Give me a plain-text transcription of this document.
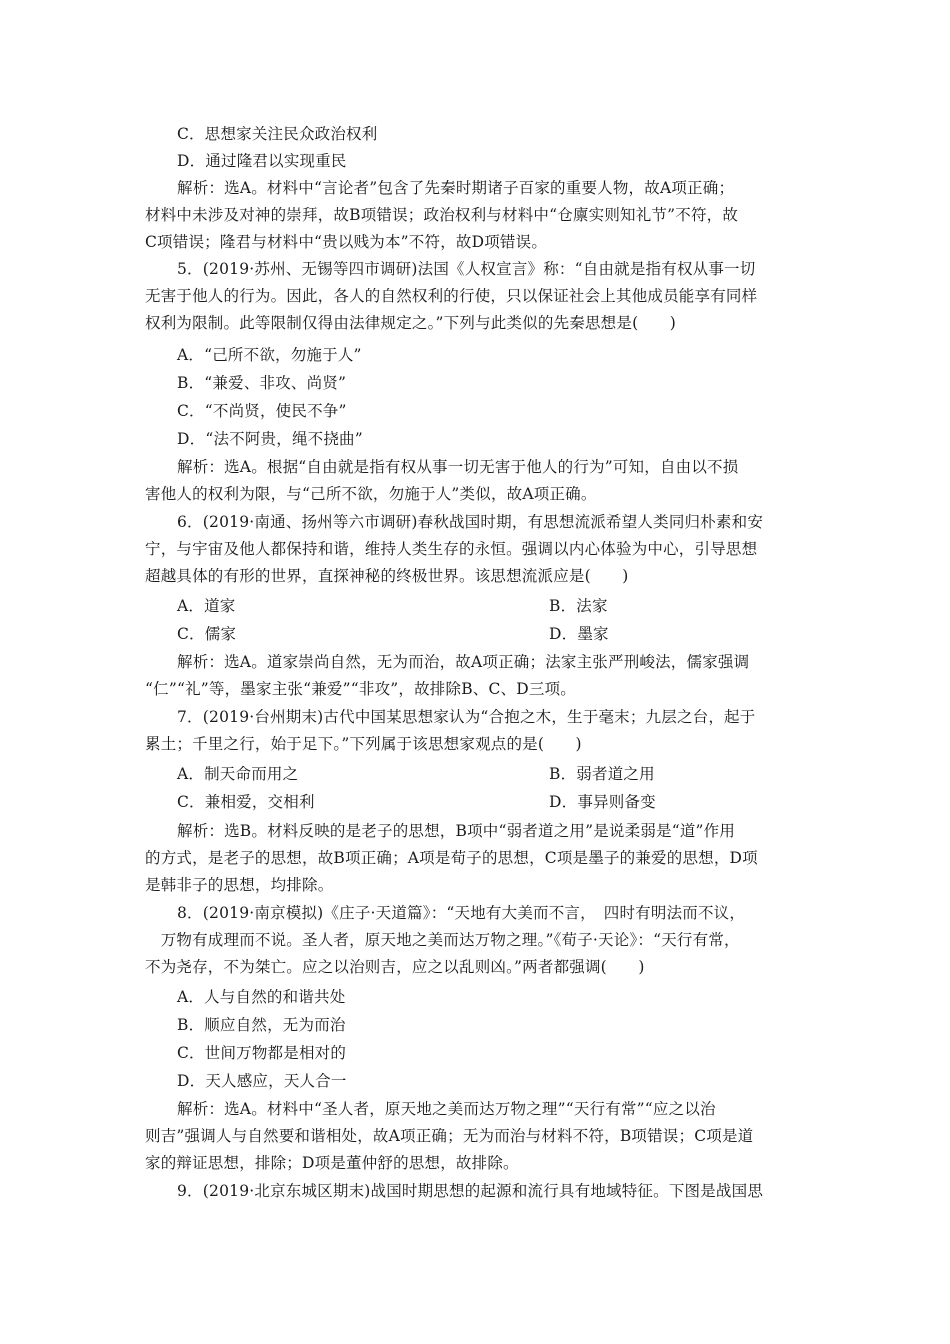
C．思想家关注民众政治权利
D．通过隆君以实现重民
解析：选A。材料中“言论者”包含了先秦时期诸子百家的重要人物，故A项正确；
材料中未涉及对神的崇拜，故B项错误；政治权利与材料中“仓廪实则知礼节”不符，故
C项错误；隆君与材料中“贵以贱为本”不符，故D项错误。
5．(2019·苏州、无锡等四市调研)法国《人权宣言》称：“自由就是指有权从事一切
无害于他人的行为。因此，各人的自然权利的行使，只以保证社会上其他成员能享有同样
权利为限制。此等限制仅得由法律规定之。”下列与此类似的先秦思想是(　　)
A．“己所不欲，勿施于人”
B．“兼爱、非攻、尚贤”
C．“不尚贤，使民不争”
D．“法不阿贵，绳不挠曲”
解析：选A。根据“自由就是指有权从事一切无害于他人的行为”可知，自由以不损
害他人的权利为限，与“己所不欲，勿施于人”类似，故A项正确。
6．(2019·南通、扬州等六市调研)春秋战国时期，有思想流派希望人类同归朴素和安
宁，与宇宙及他人都保持和谐，维持人类生存的永恒。强调以内心体验为中心，引导思想
超越具体的有形的世界，直探神秘的终极世界。该思想流派应是(　　)
解析：选A。道家崇尚自然，无为而治，故A项正确；法家主张严刑峻法，儒家强调
“仁”“礼”等，墨家主张“兼爱”“非攻”，故排除B、C、D三项。
7．(2019·台州期末)古代中国某思想家认为“合抱之木，生于毫末；九层之台，起于
累土；千里之行，始于足下。”下列属于该思想家观点的是(　　)
解析：选B。材料反映的是老子的思想，B项中“弱者道之用”是说柔弱是“道”作用
的方式，是老子的思想，故B项正确；A项是荀子的思想，C项是墨子的兼爱的思想，D项
是韩非子的思想，均排除。
8．(2019·南京模拟)《庄子·天道篇》：“天地有大美而不言，　四时有明法而不议，
　万物有成理而不说。圣人者，原天地之美而达万物之理。”《荀子·天论》：“天行有常，
不为尧存，不为桀亡。应之以治则吉，应之以乱则凶。”两者都强调(　　)
A．人与自然的和谐共处
B．顺应自然，无为而治
C．世间万物都是相对的
D．天人感应，天人合一
解析：选A。材料中“圣人者，原天地之美而达万物之理”“天行有常”“应之以治
则吉”强调人与自然要和谐相处，故A项正确；无为而治与材料不符，B项错误；C项是道
家的辩证思想，排除；D项是董仲舒的思想，故排除。
9．(2019·北京东城区期末)战国时期思想的起源和流行具有地域特征。下图是战国思
A．道家	B．法家
C．儒家	D．墨家
A．制天命而用之	B．弱者道之用
C．兼相爱，交相利	D．事异则备变
